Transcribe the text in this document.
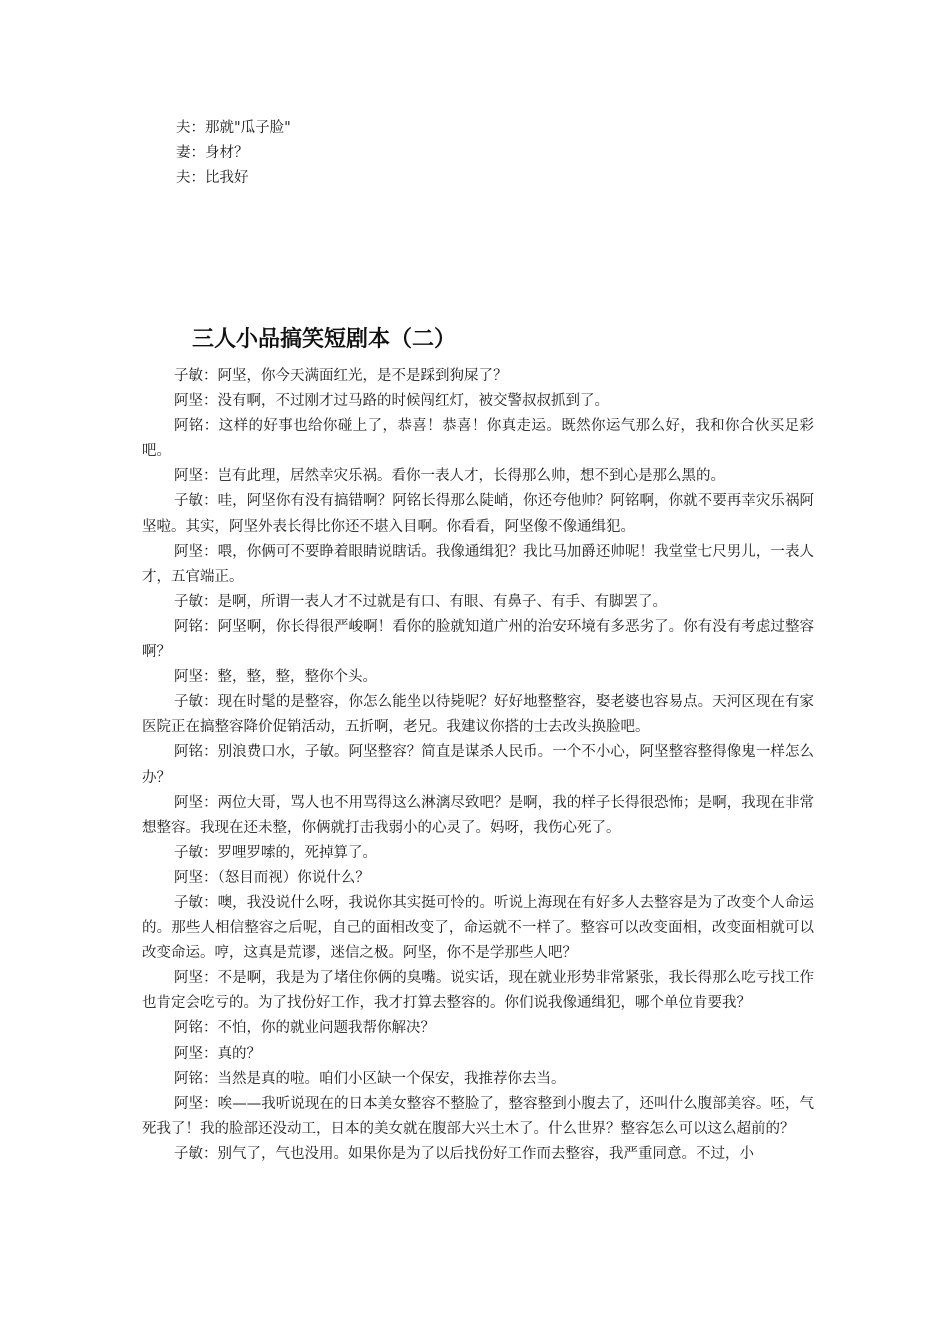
夫：那就"瓜子脸"
妻：身材？
夫：比我好
三人小品搞笑短剧本（二）

子敏：阿坚，你今天满面红光，是不是踩到狗屎了？

阿坚：没有啊，不过刚才过马路的时候闯红灯，被交警叔叔抓到了。

阿铭：这样的好事也给你碰上了，恭喜！恭喜！你真走运。既然你运气那么好，我和你合伙买足彩吧。

阿坚：岂有此理，居然幸灾乐祸。看你一表人才，长得那么帅，想不到心是那么黑的。

子敏：哇，阿坚你有没有搞错啊？阿铭长得那么陡峭，你还夸他帅？阿铭啊，你就不要再幸灾乐祸阿坚啦。其实，阿坚外表长得比你还不堪入目啊。你看看，阿坚像不像通缉犯。

阿坚：喂，你俩可不要睁着眼睛说瞎话。我像通缉犯？我比马加爵还帅呢！我堂堂七尺男儿，一表人才，五官端正。

子敏：是啊，所谓一表人才不过就是有口、有眼、有鼻子、有手、有脚罢了。

阿铭：阿坚啊，你长得很严峻啊！看你的脸就知道广州的治安环境有多恶劣了。你有没有考虑过整容啊？

阿坚：整，整，整，整你个头。

子敏：现在时髦的是整容，你怎么能坐以待毙呢？好好地整整容，娶老婆也容易点。天河区现在有家医院正在搞整容降价促销活动，五折啊，老兄。我建议你搭的士去改头换脸吧。

阿铭：别浪费口水，子敏。阿坚整容？简直是谋杀人民币。一个不小心，阿坚整容整得像鬼一样怎么办？

阿坚：两位大哥，骂人也不用骂得这么淋漓尽致吧？是啊，我的样子长得很恐怖；是啊，我现在非常想整容。我现在还未整，你俩就打击我弱小的心灵了。妈呀，我伤心死了。

子敏：罗哩罗嗦的，死掉算了。

阿坚：（怒目而视）你说什么？

子敏：噢，我没说什么呀，我说你其实挺可怜的。听说上海现在有好多人去整容是为了改变个人命运的。那些人相信整容之后呢，自己的面相改变了，命运就不一样了。整容可以改变面相，改变面相就可以改变命运。哼，这真是荒谬，迷信之极。阿坚，你不是学那些人吧？

阿坚：不是啊，我是为了堵住你俩的臭嘴。说实话，现在就业形势非常紧张，我长得那么吃亏找工作也肯定会吃亏的。为了找份好工作，我才打算去整容的。你们说我像通缉犯，哪个单位肯要我？

阿铭：不怕，你的就业问题我帮你解决？

阿坚：真的？

阿铭：当然是真的啦。咱们小区缺一个保安，我推荐你去当。

阿坚：唉——我听说现在的日本美女整容不整脸了，整容整到小腹去了，还叫什么腹部美容。呸，气死我了！我的脸部还没动工，日本的美女就在腹部大兴土木了。什么世界？整容怎么可以这么超前的？

子敏：别气了，气也没用。如果你是为了以后找份好工作而去整容，我严重同意。不过，小
